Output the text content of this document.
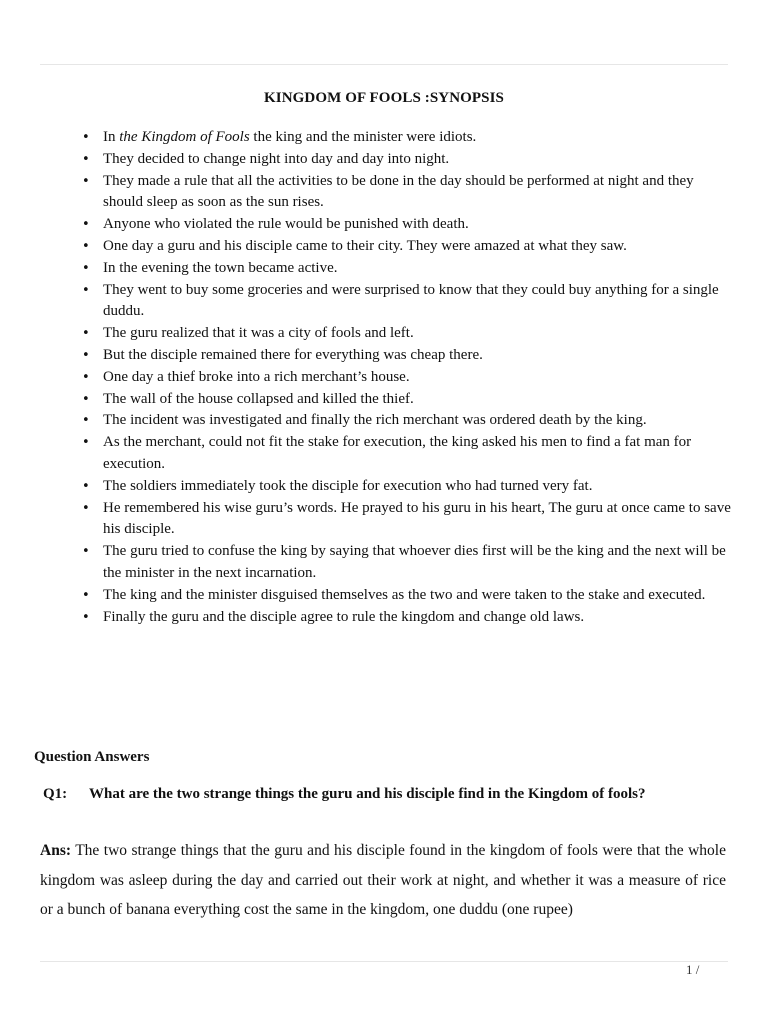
KINGDOM OF FOOLS :SYNOPSIS
• In the Kingdom of Fools the king and the minister were idiots.
• They decided to change night into day and day into night.
• They made a rule that all the activities to be done in the day should be performed at night and they should sleep as soon as the sun rises.
• Anyone who violated the rule would be punished with death.
• One day a guru and his disciple came to their city. They were amazed at what they saw.
• In the evening the town became active.
• They went to buy some groceries and were surprised to know that they could buy anything for a single duddu.
• The guru realized that it was a city of fools and left.
• But the disciple remained there for everything was cheap there.
• One day a thief broke into a rich merchant’s house.
• The wall of the house collapsed and killed the thief.
• The incident was investigated and finally the rich merchant was ordered death by the king.
• As the merchant, could not fit the stake for execution, the king asked his men to find a fat man for execution.
• The soldiers immediately took the disciple for execution who had turned very fat.
• He remembered his wise guru’s words. He prayed to his guru in his heart, The guru at once came to save his disciple.
• The guru tried to confuse the king by saying that whoever dies first will be the king and the next will be the minister in the next incarnation.
• The king and the minister disguised themselves as the two and were taken to the stake and executed.
• Finally the guru and the disciple agree to rule the kingdom and change old laws.
Question Answers
Q1: What are the two strange things the guru and his disciple find in the Kingdom of fools?
Ans: The two strange things that the guru and his disciple found in the kingdom of fools were that the whole kingdom was asleep during the day and carried out their work at night, and whether it was a measure of rice or a bunch of banana everything cost the same in the kingdom, one duddu (one rupee)
1 /
